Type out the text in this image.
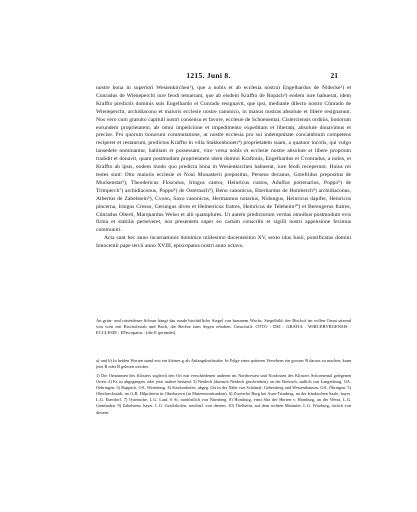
1215. Juni 8.	21

nostre bona in superiori Wesienkirchen¹), que a nobis et ab ecclesia nostra) Engelhardus de Nidecke²) et Cunradus de Wienepercht iure feodi tenuerant, que ab eisdem Kraffto de Ropach³) eodem iure habuerat, idem Kraffto predictis dominis suis Engelhardo et Cunrado resignavit, que ipsi, mediante dilecto nostro Cůnrado de Wienepercht, archidiacono et maioris ecclesie nostre canonico, in manus nostras absolute et libere resignarunt. Nos vero cum gratuito capituli nostri consensu et favore, ecclesie de Schoenental, Cisterciensis ordinis, bonorum eorundem proprietatem, ab omni impeticione et impedimento expeditam et liberam, absolute donavimus et precise. Pro quorum bonorum commutatione, ut nostre ecclesia pro sui indempnitate concambium competens reciperet et restaurum, predictus Kraffto in villa Stakkenbouen⁴) proprietatem suam, a quatuor incolis, qui vulgo lansedele nominantur, habitam et possessam, vice versa nobis et ecclesie nostre absolute et libere proprium tradidit et donavit, quam postmodum proprietatem idem domini Kraftonis, Engelhardus et Cvonradus, a nobis, et Kraffto ab ipsis, eodem modo quo predicta bona in Wesienkirchen habuerat, iure feodi receperunt. Huius rei testes sunt: Otto maioris ecclesie et Noui Monasterii prepositus, Perseus decanus, Gotefridus prepositus de Muckenstat⁵), Theodericus Flosculus, Iringus cantor, Heinricus custos, Adulfus portenarius, Poppo⁶) de Trimperch⁷) archidiaconus, Poppo⁸) de Osternach⁹), Beno canonicus, Eberhardus de Homberch⁹) archidiaconus, Albertus de Zabelstein⁹), Cvono, Saxo canonicus, Hermannus notarius, Nidungus, Heinricus dapifer, Heinricus pincerna, Iringus Cresso, Gerungus dives et Helmericus fratres, Heinricus de Teleheim¹⁰) et Berengerus fratres, Cůnradus Oberti, Marquardus Weiso et alii quamplures. Ut autem predictorum veritas omnibus postmodum evis firma et stabilis perseveret, nos presentem super eo cartam conscribi et sigilli nostri appensione fecimus communiri.

Acta sunt hec anno incarnationis dominice millesimo ducentesimo XV, sexto idus Iunii, pontificatus domini Innocentii pape tercii anno XVIII, episcopatus nostri anno octavo.

An grün- und rotseidener Schnur hängt das runde bischöfliche Siegel von braunem Wachs. Siegelbild: der Bischof im vollen Ornat sitzend von vorn mit Bischofsstab und Buch, die Rechte zum Segen erhoben. Umschrift: OTTO : DEI : GRATIA : WIRCEBVRGENSIS : ECCLESIE : EPiscopatus : (die E gerundet).

a) und b) In beiden Worten stand erst ein kleines g als Anfangsbuchstabe. In Folge eines späteren Versehens ein grosses B daraus zu machen, kann jetzt B oder B gelesen werden.

1) Die Ortsnamen des Klosters sogleich den Ort mit verschiedenen anderen im Nordwesten und Nordosten des Klosters Schoenental gelegenen Orten. 2) Es ist abgegangen, oder jetzt andere bestand. 3) Neideck (darnach Neideck geschrieben), an der Breitach, südlich von Langenburg, OA. Oehringen. 3) Rappach, OA. Weinsberg. 4) Stackenhofen, abgeg. Ort in der Nähe von Schöntal, Gebersberg und Westernhausen, OA. Öhringen. 5) Oberbrechstadt, im G.B. Hilpolstein in Oberbayern (in Mutetentonfranken). 6) Zweierlei Burg bei Aura-Trimberg, an der fränkischen Saale, bayer. L.G. Euerdorf. 7) Osternohe, L.G. Lauf, 6 St. nordöstlich von Nürnberg. 8) Homburg, einst Sitz der Herren v. Homburg, an der Werra, L.G. Gemünden. 9) Zabelstein, bayer. L.G. Gerolzhofen, nordöstl. von diesem. 10) Thelheim, auf dem rechten Mainufer, L.G. Wirzburg, östlich von diesem.
